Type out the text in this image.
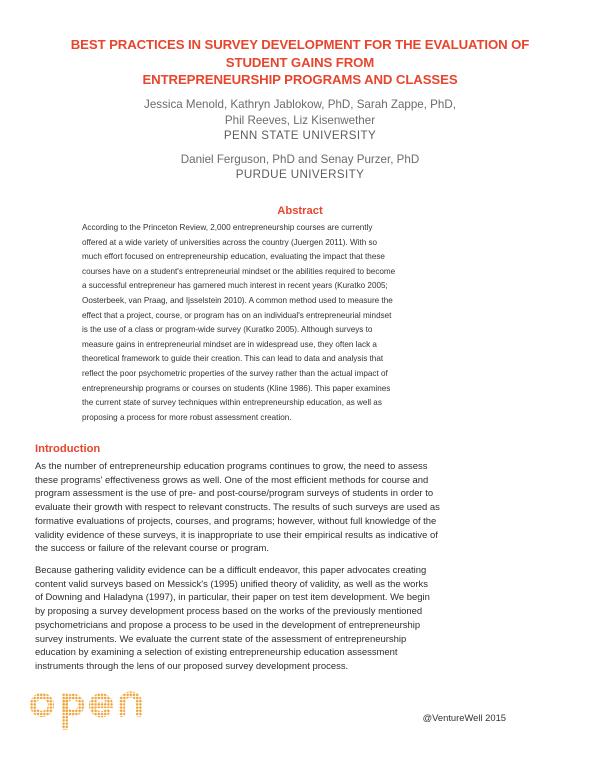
BEST PRACTICES IN SURVEY DEVELOPMENT FOR THE EVALUATION OF
STUDENT GAINS FROM
ENTREPRENEURSHIP PROGRAMS AND CLASSES
Jessica Menold, Kathryn Jablokow, PhD, Sarah Zappe, PhD,
Phil Reeves, Liz Kisenwether
PENN STATE UNIVERSITY
Daniel Ferguson, PhD and Senay Purzer, PhD
PURDUE UNIVERSITY
Abstract
According to the Princeton Review, 2,000 entrepreneurship courses are currently
offered at a wide variety of universities across the country (Juergen 2011). With so
much effort focused on entrepreneurship education, evaluating the impact that these
courses have on a student's entrepreneurial mindset or the abilities required to become
a successful entrepreneur has garnered much interest in recent years (Kuratko 2005;
Oosterbeek, van Praag, and Ijsselstein 2010). A common method used to measure the
effect that a project, course, or program has on an individual's entrepreneurial mindset
is the use of a class or program-wide survey (Kuratko 2005). Although surveys to
measure gains in entrepreneurial mindset are in widespread use, they often lack a
theoretical framework to guide their creation. This can lead to data and analysis that
reflect the poor psychometric properties of the survey rather than the actual impact of
entrepreneurship programs or courses on students (Kline 1986). This paper examines
the current state of survey techniques within entrepreneurship education, as well as
proposing a process for more robust assessment creation.
Introduction
As the number of entrepreneurship education programs continues to grow, the need to assess
these programs' effectiveness grows as well. One of the most efficient methods for course and
program assessment is the use of pre- and post-course/program surveys of students in order to
evaluate their growth with respect to relevant constructs. The results of such surveys are used as
formative evaluations of projects, courses, and programs; however, without full knowledge of the
validity evidence of these surveys, it is inappropriate to use their empirical results as indicative of
the success or failure of the relevant course or program.
Because gathering validity evidence can be a difficult endeavor, this paper advocates creating
content valid surveys based on Messick's (1995) unified theory of validity, as well as the works
of Downing and Haladyna (1997), in particular, their paper on test item development. We begin
by proposing a survey development process based on the works of the previously mentioned
psychometricians and propose a process to be used in the development of entrepreneurship
survey instruments. We evaluate the current state of the assessment of entrepreneurship
education by examining a selection of existing entrepreneurship education assessment
instruments through the lens of our proposed survey development process.
@VentureWell 2015
